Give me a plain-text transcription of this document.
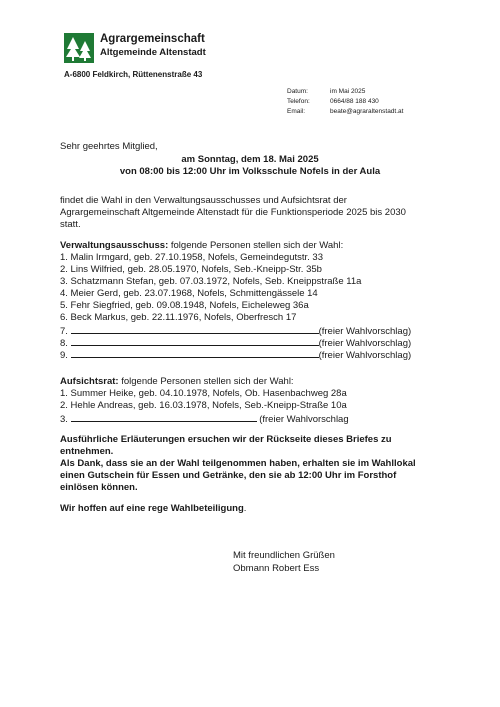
Agrargemeinschaft
Altgemeinde Altenstadt
A-6800 Feldkirch, Rüttenenstraße 43
Datum:	im Mai 2025
Telefon:	0664/88 188 430
Email:	beate@agraraltenstadt.at
Sehr geehrtes Mitglied,
am Sonntag, dem 18. Mai 2025
von 08:00 bis 12:00 Uhr im Volksschule Nofels in der Aula
findet die Wahl in den Verwaltungsausschusses und Aufsichtsrat der
Agrargemeinschaft Altgemeinde Altenstadt für die Funktionsperiode 2025 bis 2030
statt.
Verwaltungsausschuss: folgende Personen stellen sich der Wahl:
1. Malin Irmgard, geb. 27.10.1958, Nofels, Gemeindegutstr. 33
2. Lins Wilfried, geb. 28.05.1970, Nofels, Seb.-Kneipp-Str. 35b
3. Schatzmann Stefan, geb. 07.03.1972, Nofels, Seb. Kneippstraße 11a
4. Meier Gerd, geb. 23.07.1968, Nofels, Schmittengässele 14
5. Fehr Siegfried, geb. 09.08.1948, Nofels, Eicheleweg 36a
6. Beck Markus, geb. 22.11.1976, Nofels, Oberfresch 17
7.	(freier Wahlvorschlag)
8.	(freier Wahlvorschlag)
9.	(freier Wahlvorschlag)
Aufsichtsrat: folgende Personen stellen sich der Wahl:
1. Summer Heike, geb. 04.10.1978, Nofels, Ob. Hasenbachweg 28a
2. Hehle Andreas, geb. 16.03.1978, Nofels, Seb.-Kneipp-Straße 10a
3.	(freier Wahlvorschlag
Ausführliche Erläuterungen ersuchen wir der Rückseite dieses Briefes zu
entnehmen.
Als Dank, dass sie an der Wahl teilgenommen haben, erhalten sie im Wahllokal
einen Gutschein für Essen und Getränke, den sie ab 12:00 Uhr im Forsthof
einlösen können.
Wir hoffen auf eine rege Wahlbeteiligung.
Mit freundlichen Grüßen
Obmann Robert Ess
